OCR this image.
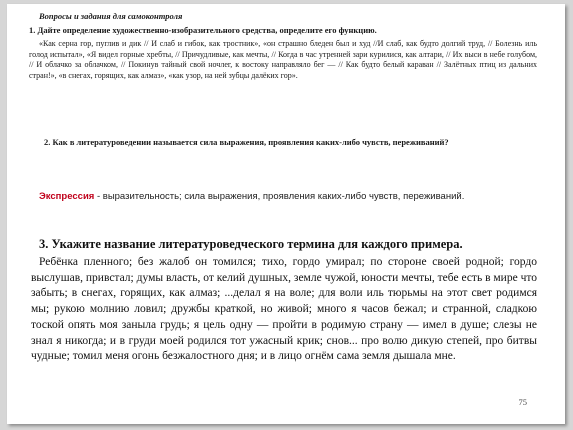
Вопросы и задания для самоконтроля
1. Дайте определение художественно-изобразительного средства, определите его функцию.

«Как серна гор, пуглив и дик // И слаб и гибок, как тростник», «он страшно бледен был и худ //И слаб, как будто долгий труд, // Болезнь иль голод испытал», «Я видел горные хребты, // Причудливые, как мечты, // Когда в час утренней зари курилися, как алтари, // Их выси в небе голубом, // И облачко за облачком, // Покинув тайный свой ночлег, к востоку направляло бег — // Как будто белый караван // Залётных птиц из дальних стран!», «в снегах, горящих, как алмаз», «как узор, на ней зубцы далёких гор».

2. Как в литературоведении называется сила выражения, проявления каких-либо чувств, переживаний?
Экспрессия - выразительность; сила выражения, проявления каких-либо чувств, переживаний.
3. Укажите название литературоведческого термина для каждого примера.

Ребёнка пленного; без жалоб он томился; тихо, гордо умирал; по стороне своей родной; гордо выслушав, привстал; думы власть, от келий душных, земле чужой, юности мечты, тебе есть в мире что забыть; в снегах, горящих, как алмаз; ...делал я на воле; для воли иль тюрьмы на этот свет родимся мы; рукою молнию ловил; дружбы краткой, но живой; много я часов бежал; и странной, сладкою тоской опять моя заныла грудь; я цель одну — пройти в родимую страну — имел в душе; слезы не знал я никогда; и в груди моей родился тот ужасный крик; снов... про волю дикую степей, про битвы чудные; томил меня огонь безжалостного дня; и в лицо огнём сама земля дышала мне.

75
